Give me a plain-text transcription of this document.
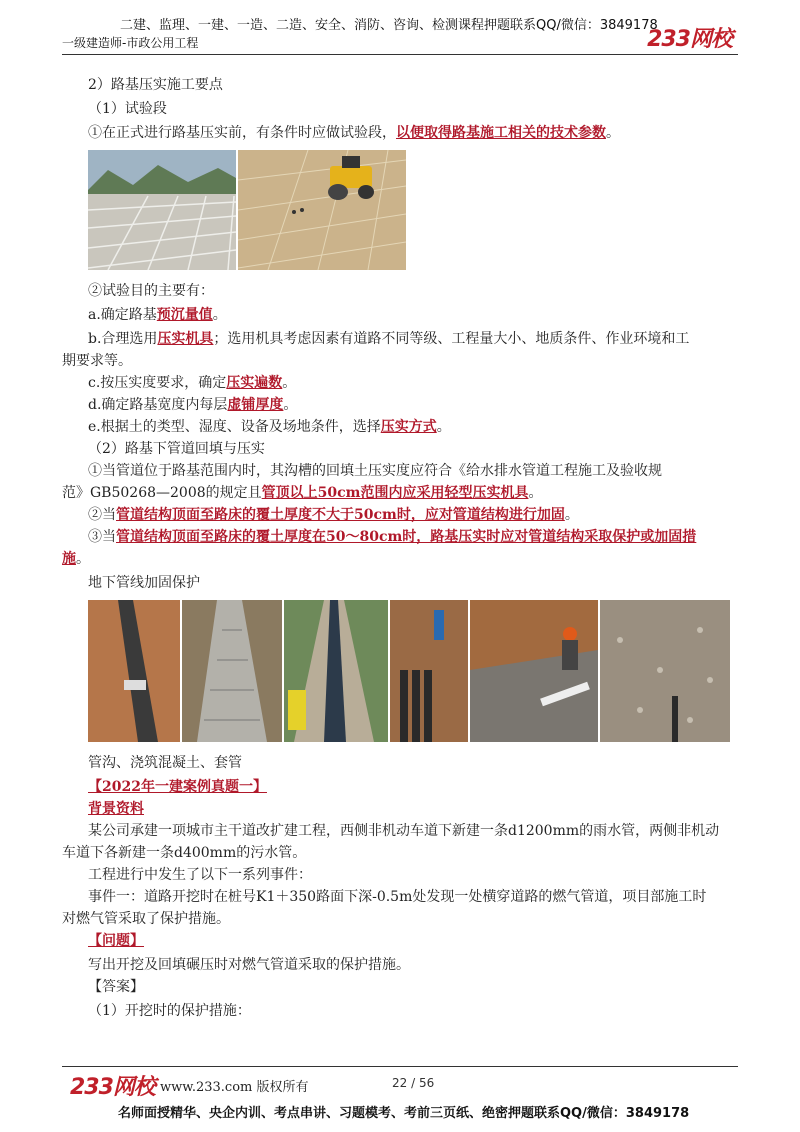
二建、监理、一建、一造、二造、安全、消防、咨询、检测课程押题联系QQ/微信：3849178
一级建造师-市政公用工程	233网校
2）路基压实施工要点
（1）试验段
①在正式进行路基压实前，有条件时应做试验段，以便取得路基施工相关的技术参数。
②试验目的主要有：
a.确定路基预沉量值。
b.合理选用压实机具；选用机具考虑因素有道路不同等级、工程量大小、地质条件、作业环境和工
期要求等。
c.按压实度要求，确定压实遍数。
d.确定路基宽度内每层虚铺厚度。
e.根据土的类型、湿度、设备及场地条件，选择压实方式。
（2）路基下管道回填与压实
①当管道位于路基范围内时，其沟槽的回填土压实度应符合《给水排水管道工程施工及验收规
范》GB50268—2008的规定且管顶以上50cm范围内应采用轻型压实机具。
②当管道结构顶面至路床的覆土厚度不大于50cm时，应对管道结构进行加固。
③当管道结构顶面至路床的覆土厚度在50～80cm时，路基压实时应对管道结构采取保护或加固措
施。
地下管线加固保护
管沟、浇筑混凝土、套管
【2022年一建案例真题一】
背景资料
某公司承建一项城市主干道改扩建工程，西侧非机动车道下新建一条d1200mm的雨水管，两侧非机动
车道下各新建一条d400mm的污水管。
工程进行中发生了以下一系列事件：
事件一：道路开挖时在桩号K1＋350路面下深-0.5m处发现一处横穿道路的燃气管道，项目部施工时
对燃气管采取了保护措施。
【问题】
写出开挖及回填碾压时对燃气管道采取的保护措施。
【答案】
（1）开挖时的保护措施：
233网校 www.233.com 版权所有	22 / 56
名师面授精华、央企内训、考点串讲、习题模考、考前三页纸、绝密押题联系QQ/微信：3849178
